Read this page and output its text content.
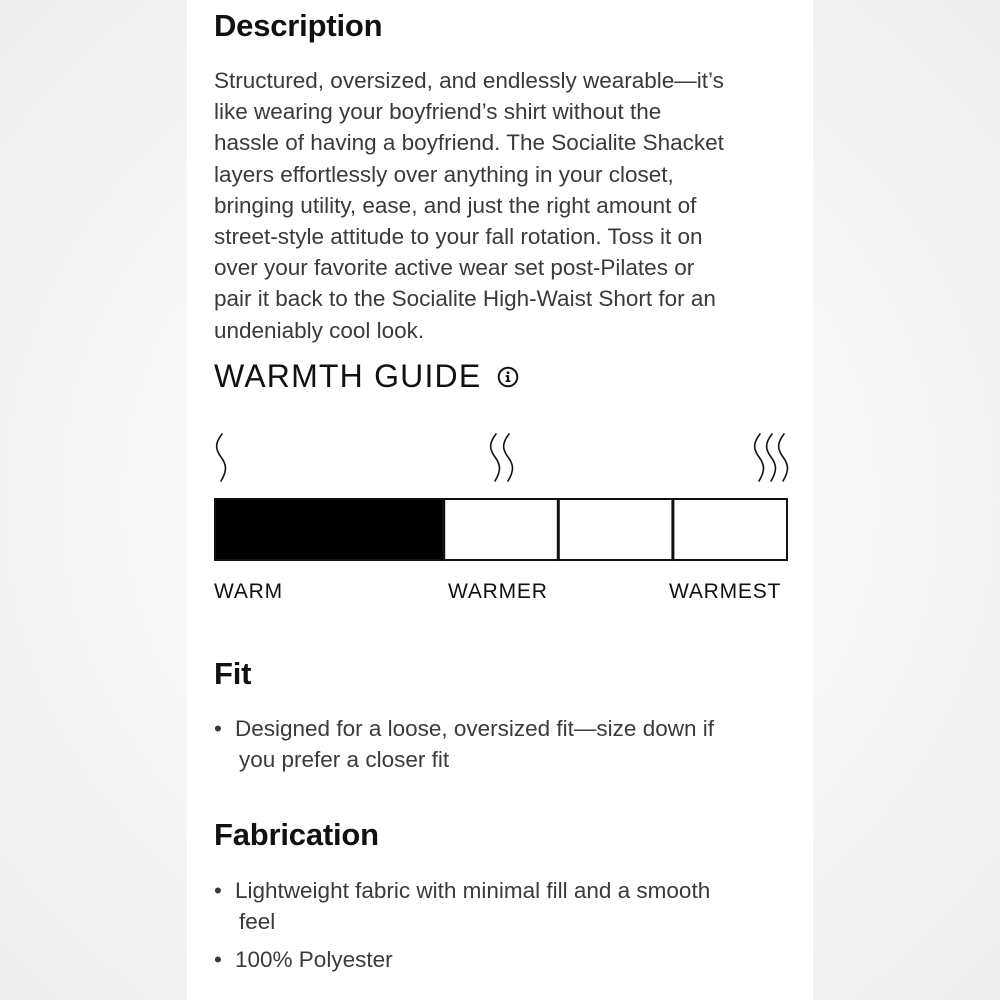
Description

Structured, oversized, and endlessly wearable—it’s
like wearing your boyfriend’s shirt without the
hassle of having a boyfriend. The Socialite Shacket
layers effortlessly over anything in your closet,
bringing utility, ease, and just the right amount of
street-style attitude to your fall rotation. Toss it on
over your favorite active wear set post-Pilates or
pair it back to the Socialite High-Waist Short for an
undeniably cool look.

WARMTH GUIDE

WARM	WARMER	WARMEST

Fit
• Designed for a loose, oversized fit—size down if
you prefer a closer fit
Fabrication
• Lightweight fabric with minimal fill and a smooth
feel
• 100% Polyester
